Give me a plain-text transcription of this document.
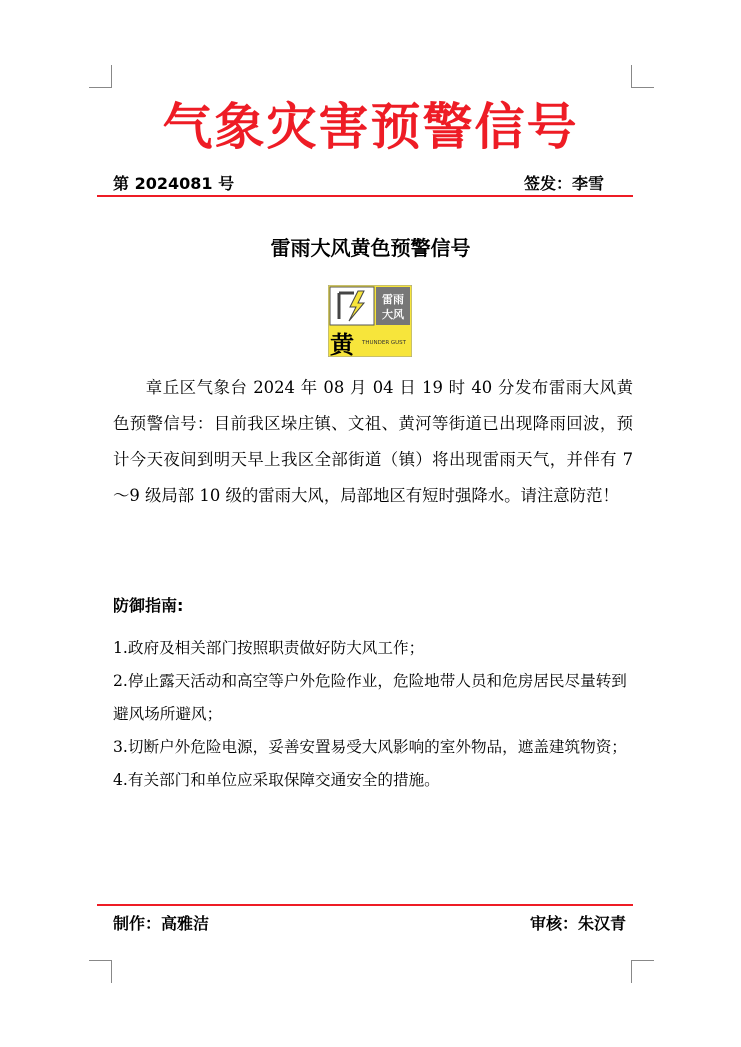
气象灾害预警信号
第 2024081 号	签发：李雪
雷雨大风黄色预警信号
雷雨
大风
黄 THUNDER GUST

章丘区气象台 2024 年 08 月 04 日 19 时 40 分发布雷雨大风黄色预警信号：目前我区垛庄镇、文祖、黄河等街道已出现降雨回波，预计今天夜间到明天早上我区全部街道（镇）将出现雷雨天气，并伴有 7～9 级局部 10 级的雷雨大风，局部地区有短时强降水。请注意防范！

防御指南:
1.政府及相关部门按照职责做好防大风工作；
2.停止露天活动和高空等户外危险作业，危险地带人员和危房居民尽量转到避风场所避风；
3.切断户外危险电源，妥善安置易受大风影响的室外物品，遮盖建筑物资；
4.有关部门和单位应采取保障交通安全的措施。
制作：高雅洁	审核：朱汉青
